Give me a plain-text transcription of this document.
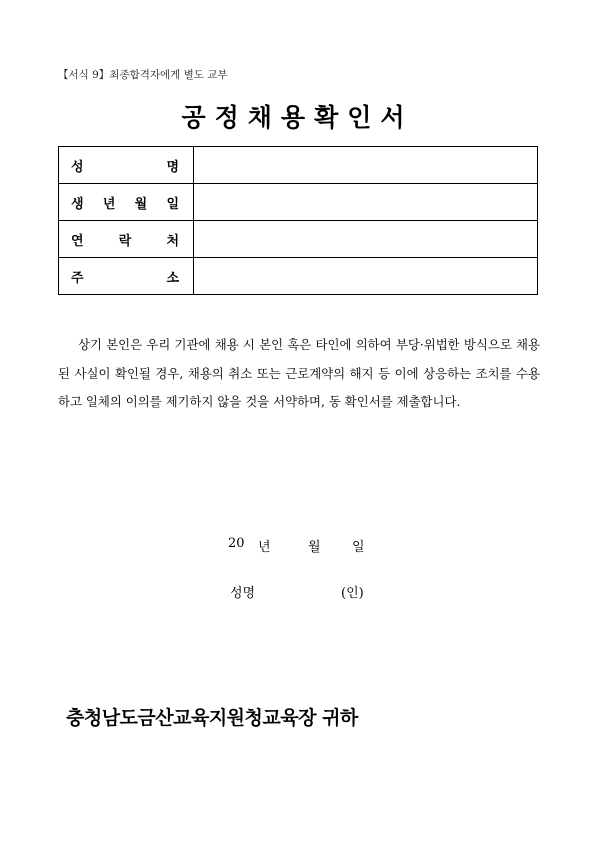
【서식 9】최종합격자에게 별도 교부
공정채용확인서
성 명	

생 년 월 일	

연 락 처	

주 소	

상기 본인은 우리 기관에 채용 시 본인 혹은 타인에 의하여 부당·위법한 방식으로 채용된 사실이 확인될 경우, 채용의 취소 또는 근로계약의 해지 등 이에 상응하는 조치를 수용하고 일체의 이의를 제기하지 않을 것을 서약하며, 동 확인서를 제출합니다.

20 년	월 일
성명	(인)
충청남도금산교육지원청교육장 귀하
